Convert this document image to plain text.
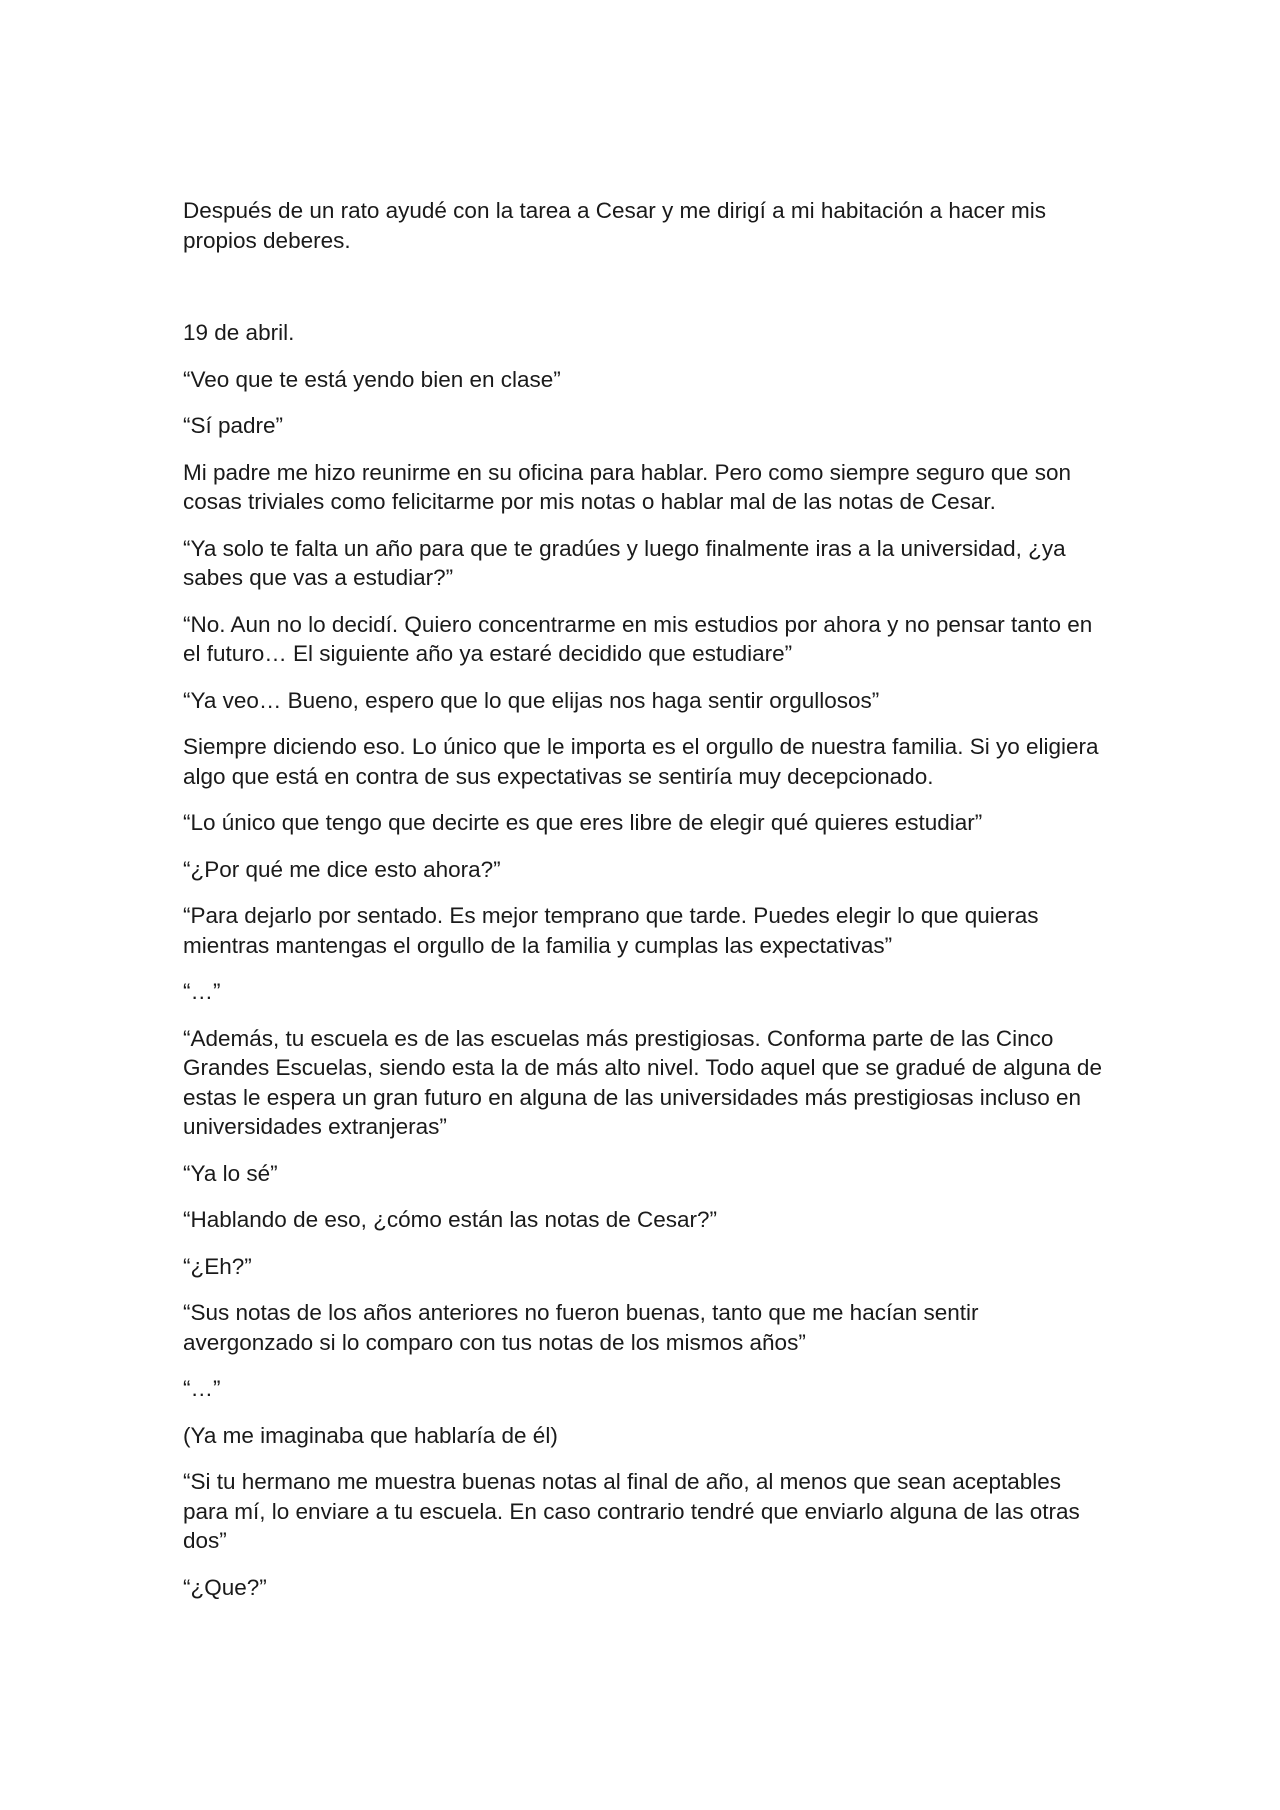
Después de un rato ayudé con la tarea a Cesar y me dirigí a mi habitación a hacer mis propios deberes.

19 de abril.

“Veo que te está yendo bien en clase”

“Sí padre”

Mi padre me hizo reunirme en su oficina para hablar. Pero como siempre seguro que son cosas triviales como felicitarme por mis notas o hablar mal de las notas de Cesar.

“Ya solo te falta un año para que te gradúes y luego finalmente iras a la universidad, ¿ya sabes que vas a estudiar?”

“No. Aun no lo decidí. Quiero concentrarme en mis estudios por ahora y no pensar tanto en el futuro… El siguiente año ya estaré decidido que estudiare”

“Ya veo… Bueno, espero que lo que elijas nos haga sentir orgullosos”

Siempre diciendo eso. Lo único que le importa es el orgullo de nuestra familia. Si yo eligiera algo que está en contra de sus expectativas se sentiría muy decepcionado.

“Lo único que tengo que decirte es que eres libre de elegir qué quieres estudiar”

“¿Por qué me dice esto ahora?”

“Para dejarlo por sentado. Es mejor temprano que tarde. Puedes elegir lo que quieras mientras mantengas el orgullo de la familia y cumplas las expectativas”

“…”

“Además, tu escuela es de las escuelas más prestigiosas. Conforma parte de las Cinco Grandes Escuelas, siendo esta la de más alto nivel. Todo aquel que se gradué de alguna de estas le espera un gran futuro en alguna de las universidades más prestigiosas incluso en universidades extranjeras”

“Ya lo sé”

“Hablando de eso, ¿cómo están las notas de Cesar?”

“¿Eh?”

“Sus notas de los años anteriores no fueron buenas, tanto que me hacían sentir avergonzado si lo comparo con tus notas de los mismos años”

“…”

(Ya me imaginaba que hablaría de él)

“Si tu hermano me muestra buenas notas al final de año, al menos que sean aceptables para mí, lo enviare a tu escuela. En caso contrario tendré que enviarlo alguna de las otras dos”

“¿Que?”
